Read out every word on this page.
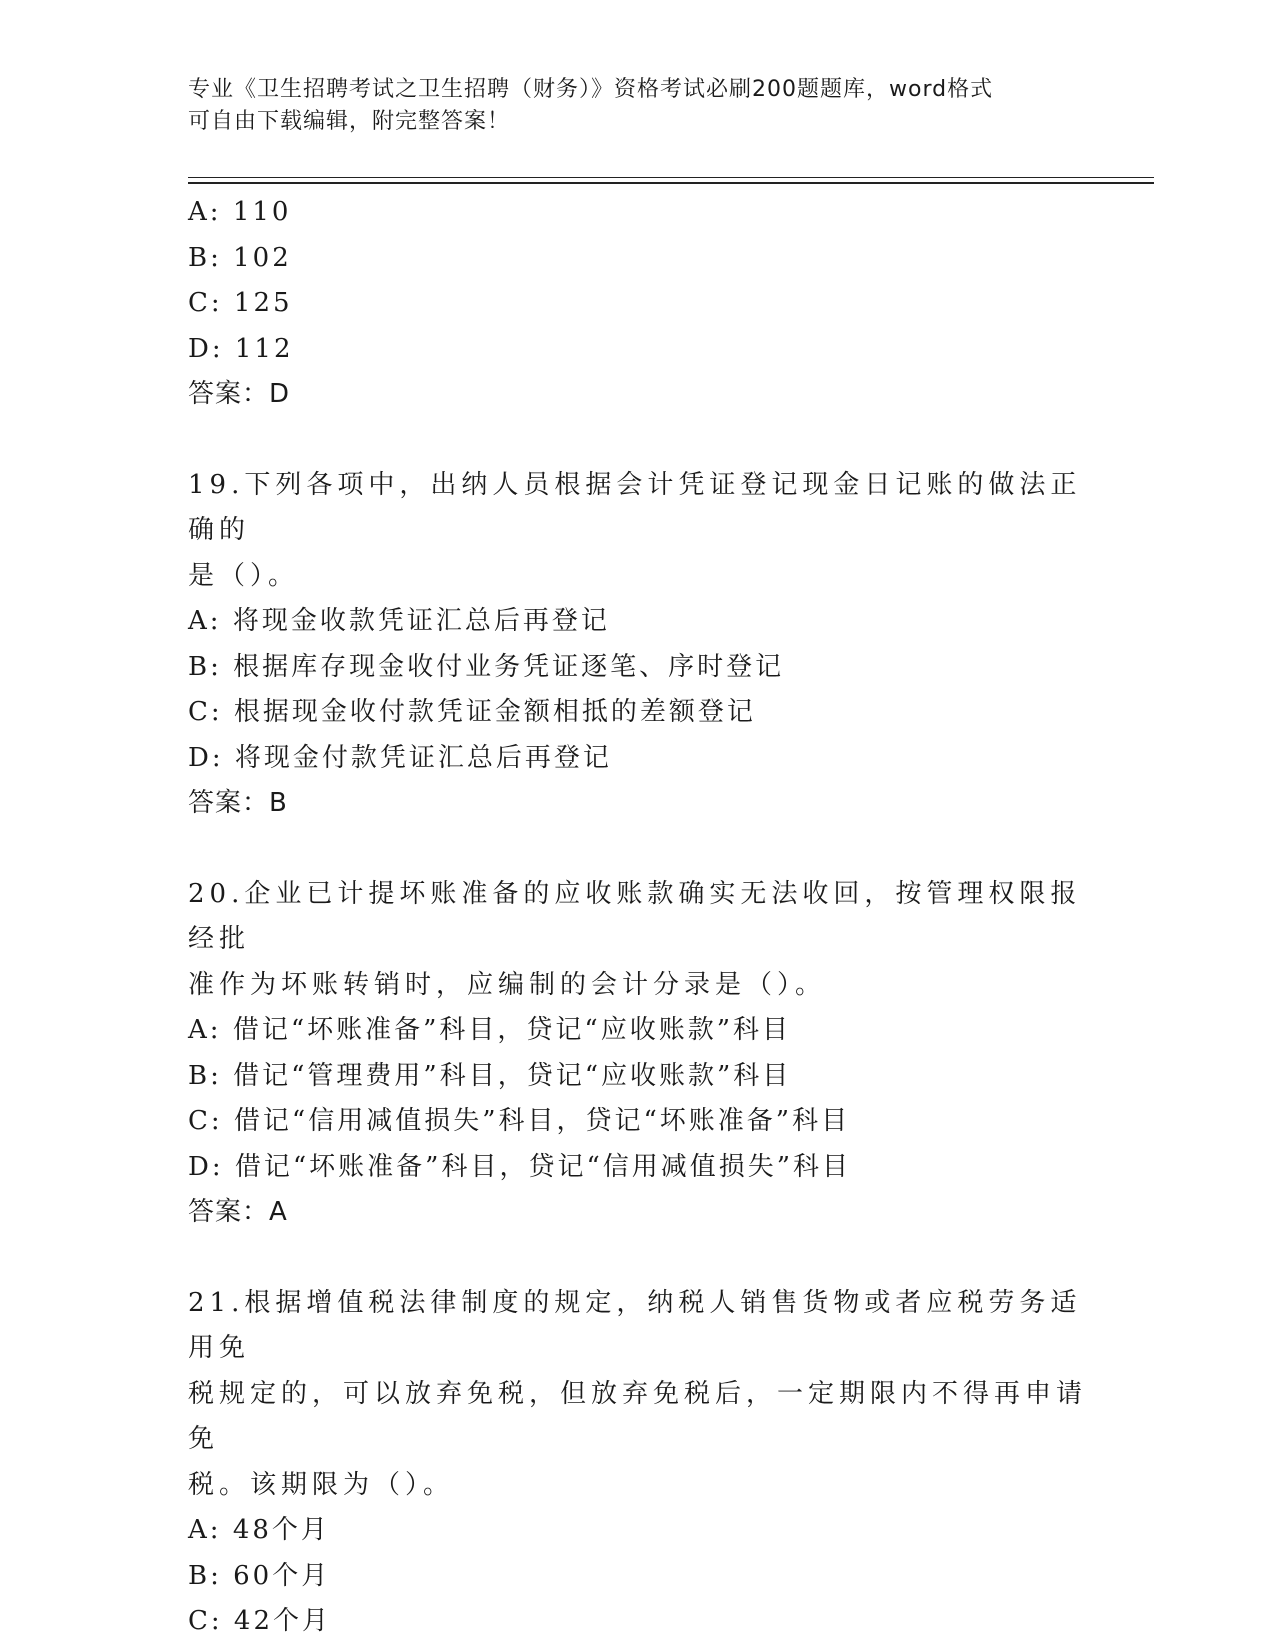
专业《卫生招聘考试之卫生招聘（财务）》资格考试必刷200题题库，word格式
可自由下载编辑，附完整答案！
A: 110
B: 102
C: 125
D: 112
答案：D
19.下列各项中，出纳人员根据会计凭证登记现金日记账的做法正确的
是（）。
A: 将现金收款凭证汇总后再登记
B: 根据库存现金收付业务凭证逐笔、序时登记
C: 根据现金收付款凭证金额相抵的差额登记
D: 将现金付款凭证汇总后再登记
答案：B
20.企业已计提坏账准备的应收账款确实无法收回，按管理权限报经批
准作为坏账转销时，应编制的会计分录是（）。
A: 借记“坏账准备”科目，贷记“应收账款”科目
B: 借记“管理费用”科目，贷记“应收账款”科目
C: 借记“信用减值损失”科目，贷记“坏账准备”科目
D: 借记“坏账准备”科目，贷记“信用减值损失”科目
答案：A
21.根据增值税法律制度的规定，纳税人销售货物或者应税劳务适用免
税规定的，可以放弃免税，但放弃免税后，一定期限内不得再申请免
税。该期限为（）。
A: 48个月
B: 60个月
C: 42个月
